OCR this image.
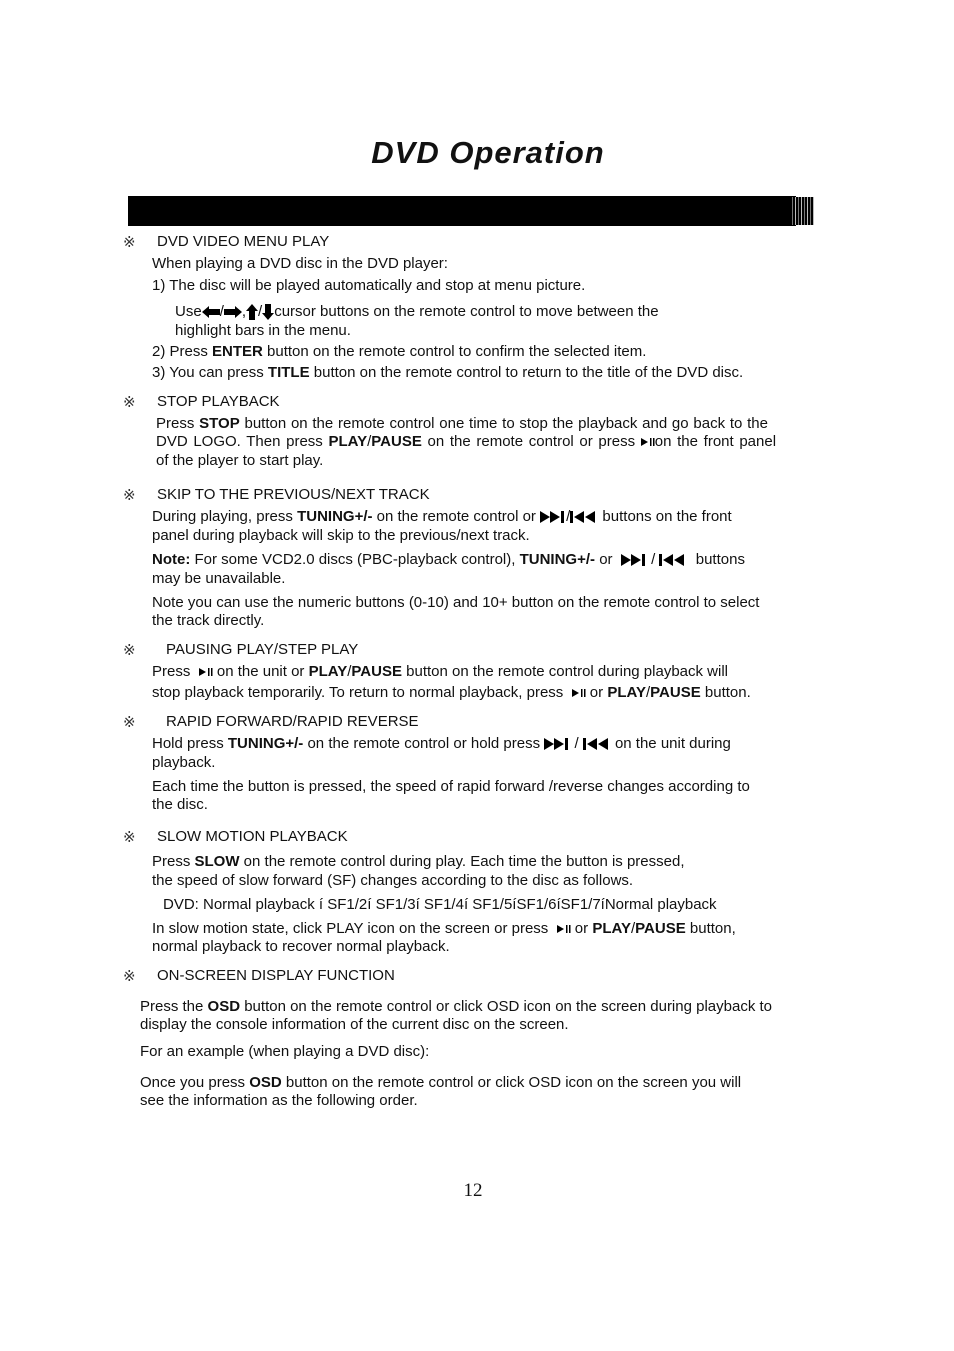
DVD Operation
※ DVD VIDEO MENU PLAY
When playing a DVD disc in the DVD player:
1) The disc will be played automatically and stop at menu picture.
Use / , / cursor buttons on the remote control to move between the
highlight bars in the menu.
2) Press ENTER button on the remote control to confirm the selected item.
3) You can press TITLE button on the remote control to return to the title of the DVD disc.
※ STOP PLAYBACK
Press STOP button on the remote control one time to stop the playback and go back to the
DVD LOGO. Then press PLAY/PAUSE on the remote control or press on the front panel
of the player to start play.
※ SKIP TO THE PREVIOUS/NEXT TRACK
During playing, press TUNING+/- on the remote control or / buttons on the front
panel during playback will skip to the previous/next track.
Note: For some VCD2.0 discs (PBC-playback control), TUNING+/- or   /   buttons
may be unavailable.
Note you can use the numeric buttons (0-10) and 10+ button on the remote control to select
the track directly.
※ PAUSING PLAY/STEP PLAY
Press   on the unit or PLAY/PAUSE button on the remote control during playback will
stop playback temporarily. To return to normal playback, press   or PLAY/PAUSE button.
※ RAPID FORWARD/RAPID REVERSE
Hold press TUNING+/- on the remote control or hold press  /  on the unit during
playback.
Each time the button is pressed, the speed of rapid forward /reverse changes according to
the disc.
※ SLOW MOTION PLAYBACK
Press SLOW on the remote control during play. Each time the button is pressed,
the speed of slow forward (SF) changes according to the disc as follows.
DVD: Normal playback í SF1/2í SF1/3í SF1/4í SF1/5íSF1/6íSF1/7íNormal playback
In slow motion state, click PLAY icon on the screen or press   or PLAY/PAUSE button,
normal playback to recover normal playback.
※ ON-SCREEN DISPLAY FUNCTION
Press the OSD button on the remote control or click OSD icon on the screen during playback to
display the console information of the current disc on the screen.
For an example (when playing a DVD disc):
Once you press OSD button on the remote control or click OSD icon on the screen you will
see the information as the following order.
12
